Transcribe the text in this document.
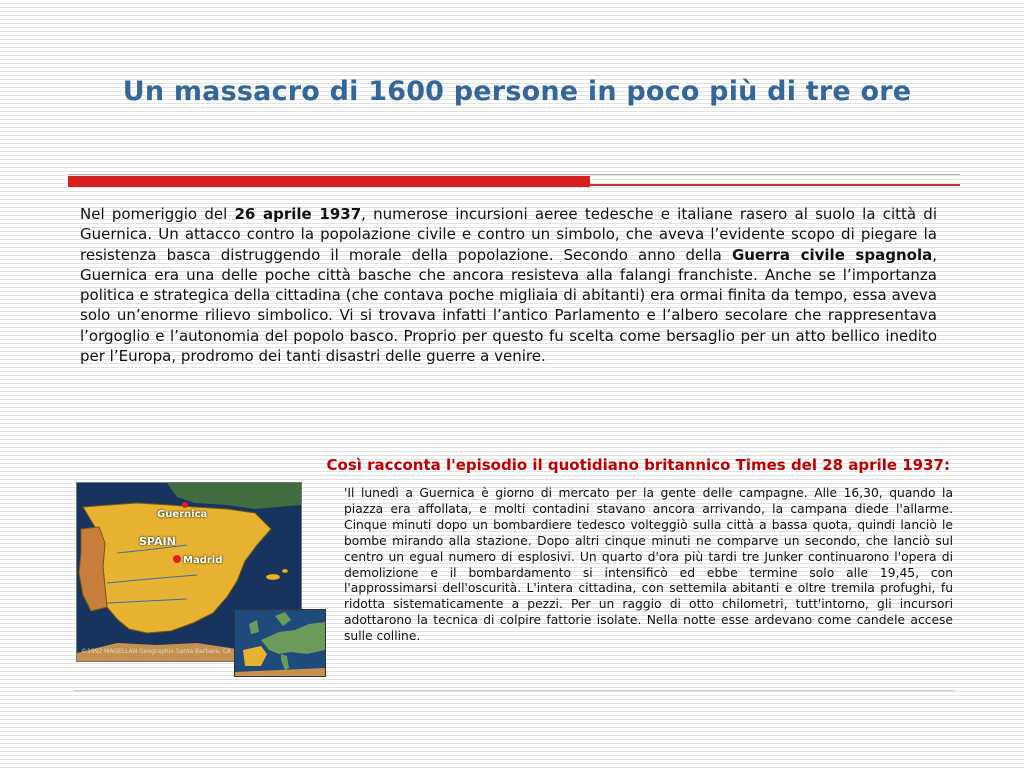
Un massacro di 1600 persone in poco più di tre ore
Nel pomeriggio del 26 aprile 1937, numerose incursioni aeree tedesche e italiane rasero al suolo la città di Guernica. Un attacco contro la popolazione civile e contro un simbolo, che aveva l’evidente scopo di piegare la resistenza basca distruggendo il morale della popolazione. Secondo anno della Guerra civile spagnola, Guernica era una delle poche città basche che ancora resisteva alla falangi franchiste. Anche se l’importanza politica e strategica della cittadina (che contava poche migliaia di abitanti) era ormai finita da tempo, essa aveva solo un’enorme rilievo simbolico. Vi si trovava infatti l’antico Parlamento e l’albero secolare che rappresentava l’orgoglio e l’autonomia del popolo basco. Proprio per questo fu scelta come bersaglio per un atto bellico inedito per l’Europa, prodromo dei tanti disastri delle guerre a venire.
Così racconta l'episodio il quotidiano britannico Times del 28 aprile 1937:
Guernica
SPAIN
Madrid
©1992 MAGELLAN Geographix Santa Barbara, CA
'Il lunedì a Guernica è giorno di mercato per la gente delle campagne. Alle 16,30, quando la piazza era affollata, e molti contadini stavano ancora arrivando, la campana diede l'allarme. Cinque minuti dopo un bombardiere tedesco volteggiò sulla città a bassa quota, quindi lanciò le bombe mirando alla stazione. Dopo altri cinque minuti ne comparve un secondo, che lanciò sul centro un egual numero di esplosivi. Un quarto d'ora più tardi tre Junker continuarono l'opera di demolizione e il bombardamento si intensificò ed ebbe termine solo alle 19,45, con l'approssimarsi dell'oscurità. L'intera cittadina, con settemila abitanti e oltre tremila profughi, fu ridotta sistematicamente a pezzi. Per un raggio di otto chilometri, tutt'intorno, gli incursori adottarono la tecnica di colpire fattorie isolate. Nella notte esse ardevano come candele accese sulle colline.
